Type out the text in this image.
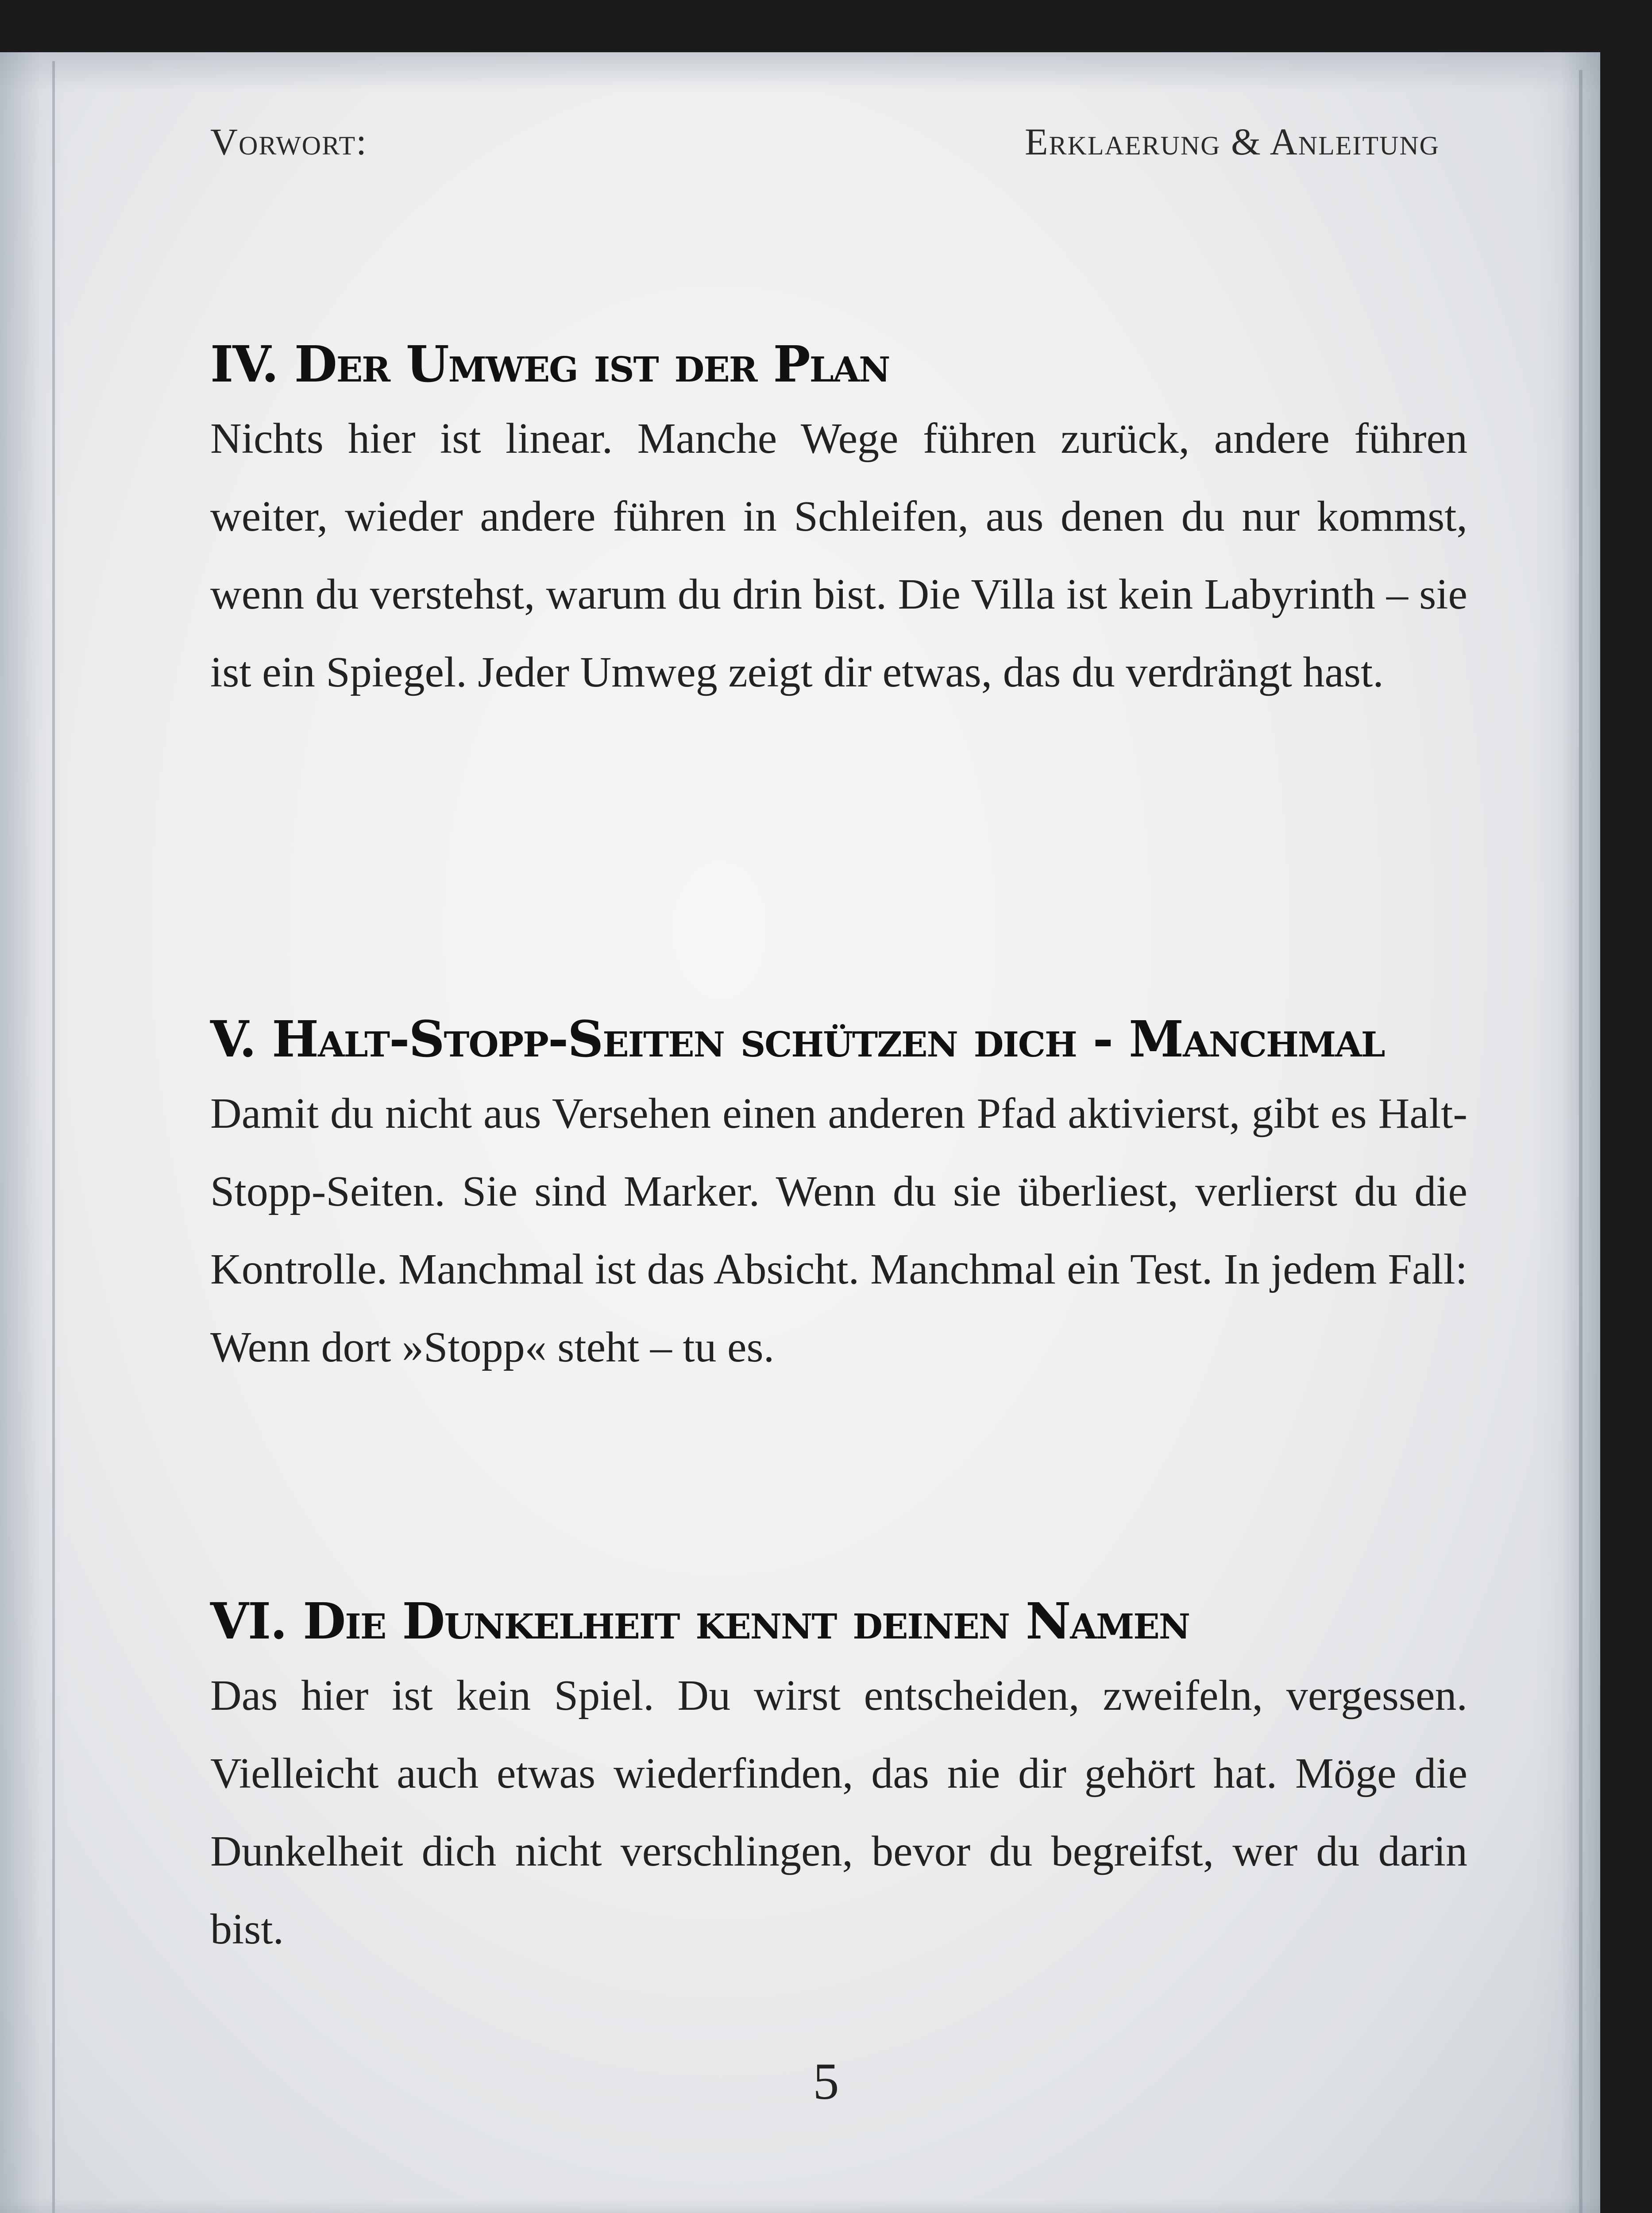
Vorwort:	Erklaerung & Anleitung
IV. Der Umweg ist der Plan

Nichts hier ist linear. Manche Wege führen zurück, andere führen weiter, wieder andere führen in Schleifen, aus denen du nur kommst, wenn du verstehst, warum du drin bist. Die Villa ist kein Labyrinth – sie ist ein Spiegel. Jeder Umweg zeigt dir etwas, das du verdrängt hast.

V. Halt-Stopp-Seiten schützen dich - Manchmal

Damit du nicht aus Versehen einen anderen Pfad aktivierst, gibt es Halt-Stopp-Seiten. Sie sind Marker. Wenn du sie überliest, verlierst du die Kontrolle. Manchmal ist das Absicht. Manchmal ein Test. In jedem Fall: Wenn dort »Stopp« steht – tu es.

VI. Die Dunkelheit kennt deinen Namen

Das hier ist kein Spiel. Du wirst entscheiden, zweifeln, vergessen. Vielleicht auch etwas wiederfinden, das nie dir gehört hat. Möge die Dunkelheit dich nicht verschlingen, bevor du begreifst, wer du darin bist.

5
